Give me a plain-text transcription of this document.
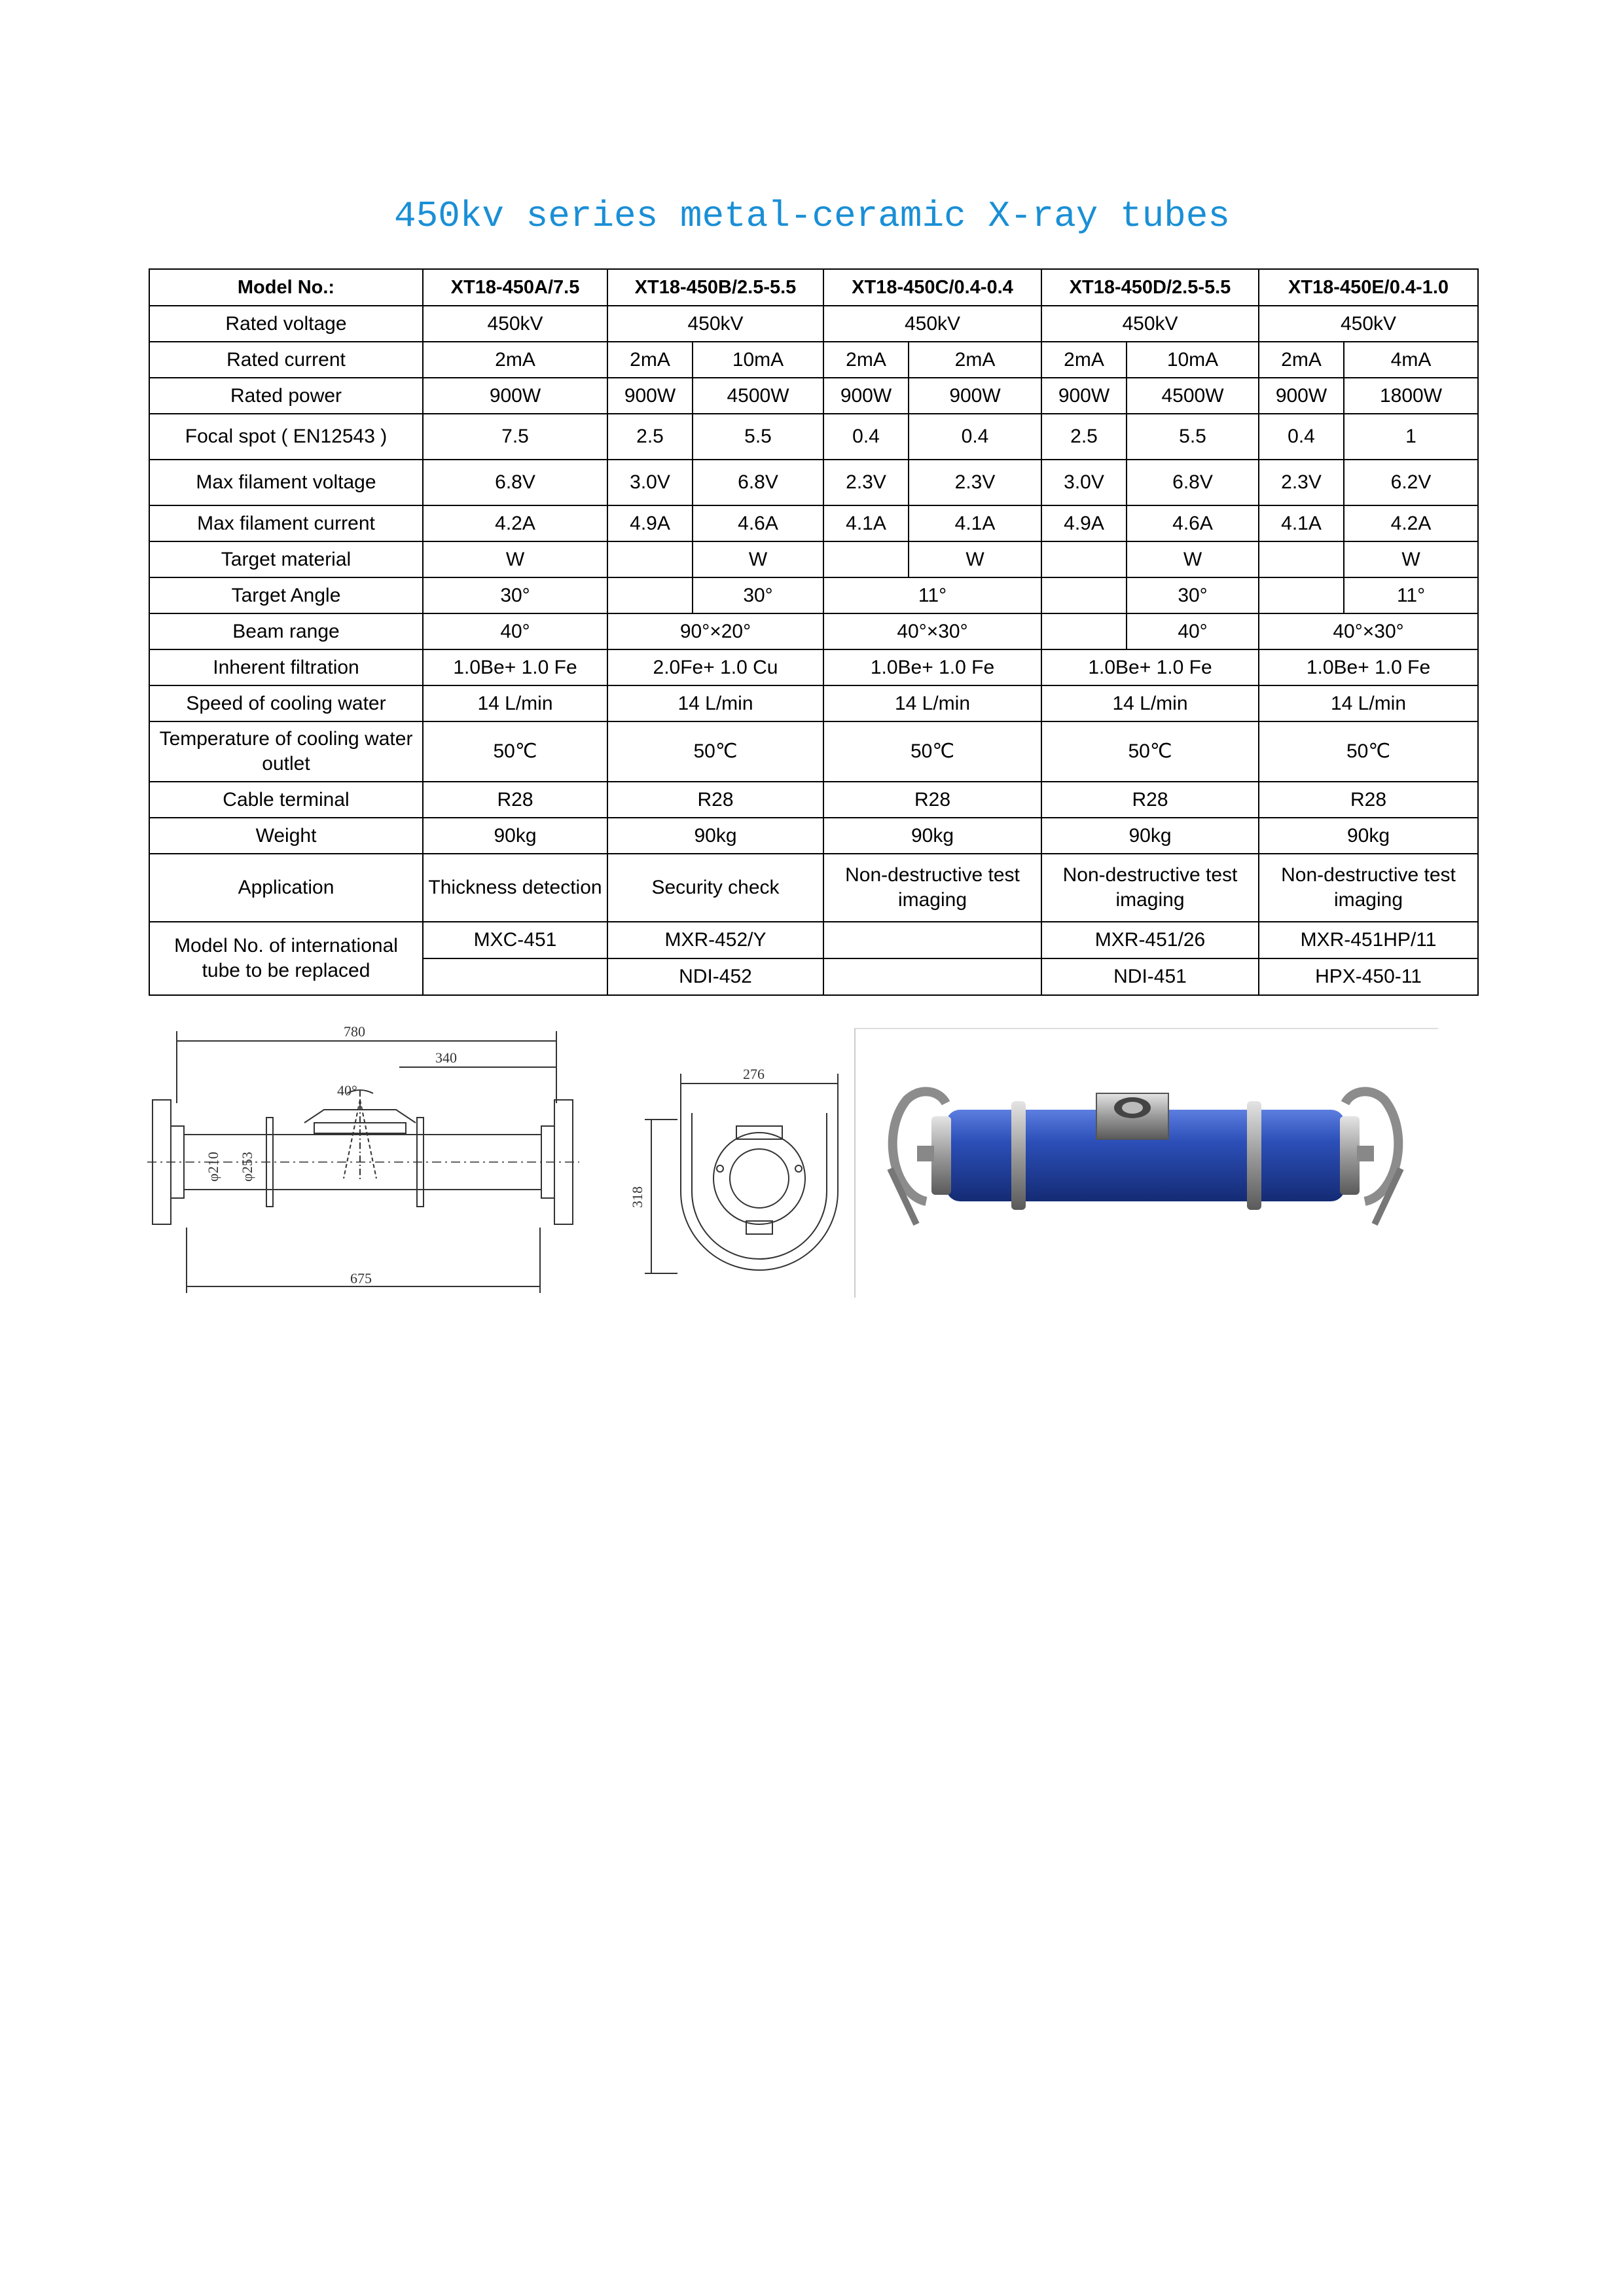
450kv series metal-ceramic X-ray tubes
Model No.:	XT18-450A/7.5	XT18-450B/2.5-5.5		XT18-450C/0.4-0.4		XT18-450D/2.5-5.5		XT18-450E/0.4-1.0	
Rated voltage	450kV	450kV		450kV		450kV		450kV	
Rated current	2mA	2mA	10mA	2mA	2mA	2mA	10mA	2mA	4mA
Rated power	900W	900W	4500W	900W	900W	900W	4500W	900W	1800W
Focal spot ( EN12543 )	7.5	2.5	5.5	0.4	0.4	2.5	5.5	0.4	1
Max filament voltage	6.8V	3.0V	6.8V	2.3V	2.3V	3.0V	6.8V	2.3V	6.2V
Max filament current	4.2A	4.9A	4.6A	4.1A	4.1A	4.9A	4.6A	4.1A	4.2A
Target material	W		W		W		W		W
Target Angle	30°		30°	11°			30°		11°
Beam range	40°	90°×20°		40°×30°			40°	40°×30°	
Inherent filtration	1.0Be+ 1.0 Fe	2.0Fe+ 1.0 Cu		1.0Be+ 1.0 Fe		1.0Be+ 1.0 Fe		1.0Be+ 1.0 Fe	
Speed of cooling water	14 L/min	14 L/min		14 L/min		14 L/min		14 L/min	
Temperature of cooling water outlet	50℃	50℃		50℃		50℃		50℃	
Cable terminal	R28	R28		R28		R28		R28	
Weight	90kg	90kg		90kg		90kg		90kg	
Application	Thickness detection	Security check		Non-destructive test imaging		Non-destructive test imaging		Non-destructive test imaging	
Model No. of international tube to be replaced	MXC-451	MXR-452/Y				MXR-451/26		MXR-451HP/11	
		NDI-452				NDI-451		HPX-450-11	
780
340
40°
675
φ210 φ253
276
318
